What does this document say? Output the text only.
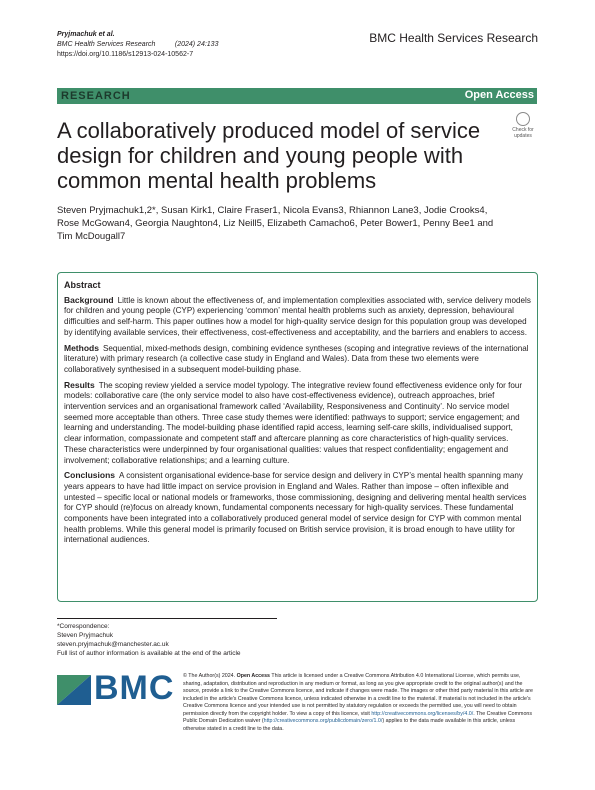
Pryjmachuk et al.
BMC Health Services Research          (2024) 24:133
https://doi.org/10.1186/s12913-024-10562-7
BMC Health Services Research
RESEARCH	Open Access
A collaboratively produced model of service design for children and young people with common mental health problems
Check for
updates
Steven Pryjmachuk1,2*, Susan Kirk1, Claire Fraser1, Nicola Evans3, Rhiannon Lane3, Jodie Crooks4, Rose McGowan4, Georgia Naughton4, Liz Neill5, Elizabeth Camacho6, Peter Bower1, Penny Bee1 and Tim McDougall7
Abstract

Background Little is known about the effectiveness of, and implementation complexities associated with, service delivery models for children and young people (CYP) experiencing ‘common’ mental health problems such as anxiety, depression, behavioural difficulties and self-harm. This paper outlines how a model for high-quality service design for this population group was developed by identifying available services, their effectiveness, cost-effectiveness and acceptability, and the barriers and enablers to access.

Methods Sequential, mixed-methods design, combining evidence syntheses (scoping and integrative reviews of the international literature) with primary research (a collective case study in England and Wales). Data from these two elements were collaboratively synthesised in a subsequent model-building phase.

Results The scoping review yielded a service model typology. The integrative review found effectiveness evidence only for four models: collaborative care (the only service model to also have cost-effectiveness evidence), outreach approaches, brief intervention services and an organisational framework called ‘Availability, Responsiveness and Continuity’. No service model seemed more acceptable than others. Three case study themes were identified: pathways to support; service engagement; and learning and understanding. The model-building phase identified rapid access, learning self-care skills, individualised support, clear information, compassionate and competent staff and aftercare planning as core characteristics of high-quality services. These characteristics were underpinned by four organisational qualities: values that respect confidentiality; engagement and involvement; collaborative relationships; and a learning culture.

Conclusions A consistent organisational evidence-base for service design and delivery in CYP’s mental health spanning many years appears to have had little impact on service provision in England and Wales. Rather than impose – often inflexible and untested – specific local or national models or frameworks, those commissioning, designing and delivering mental health services for CYP should (re)focus on already known, fundamental components necessary for high-quality services. These fundamental components have been integrated into a collaboratively produced general model of service design for CYP with common mental health problems. While this general model is primarily focused on British service provision, it is broad enough to have utility for international audiences.

*Correspondence:
Steven Pryjmachuk
steven.pryjmachuk@manchester.ac.uk
Full list of author information is available at the end of the article
BMC © The Author(s) 2024. Open Access This article is licensed under a Creative Commons Attribution 4.0 International License, which permits use, sharing, adaptation, distribution and reproduction in any medium or format, as long as you give appropriate credit to the original author(s) and the source, provide a link to the Creative Commons licence, and indicate if changes were made. The images or other third party material in this article are included in the article's Creative Commons licence, unless indicated otherwise in a credit line to the material. If material is not included in the article's Creative Commons licence and your intended use is not permitted by statutory regulation or exceeds the permitted use, you will need to obtain permission directly from the copyright holder. To view a copy of this licence, visit http://creativecommons.org/licenses/by/4.0/. The Creative Commons Public Domain Dedication waiver (http://creativecommons.org/publicdomain/zero/1.0/) applies to the data made available in this article, unless otherwise stated in a credit line to the data.
